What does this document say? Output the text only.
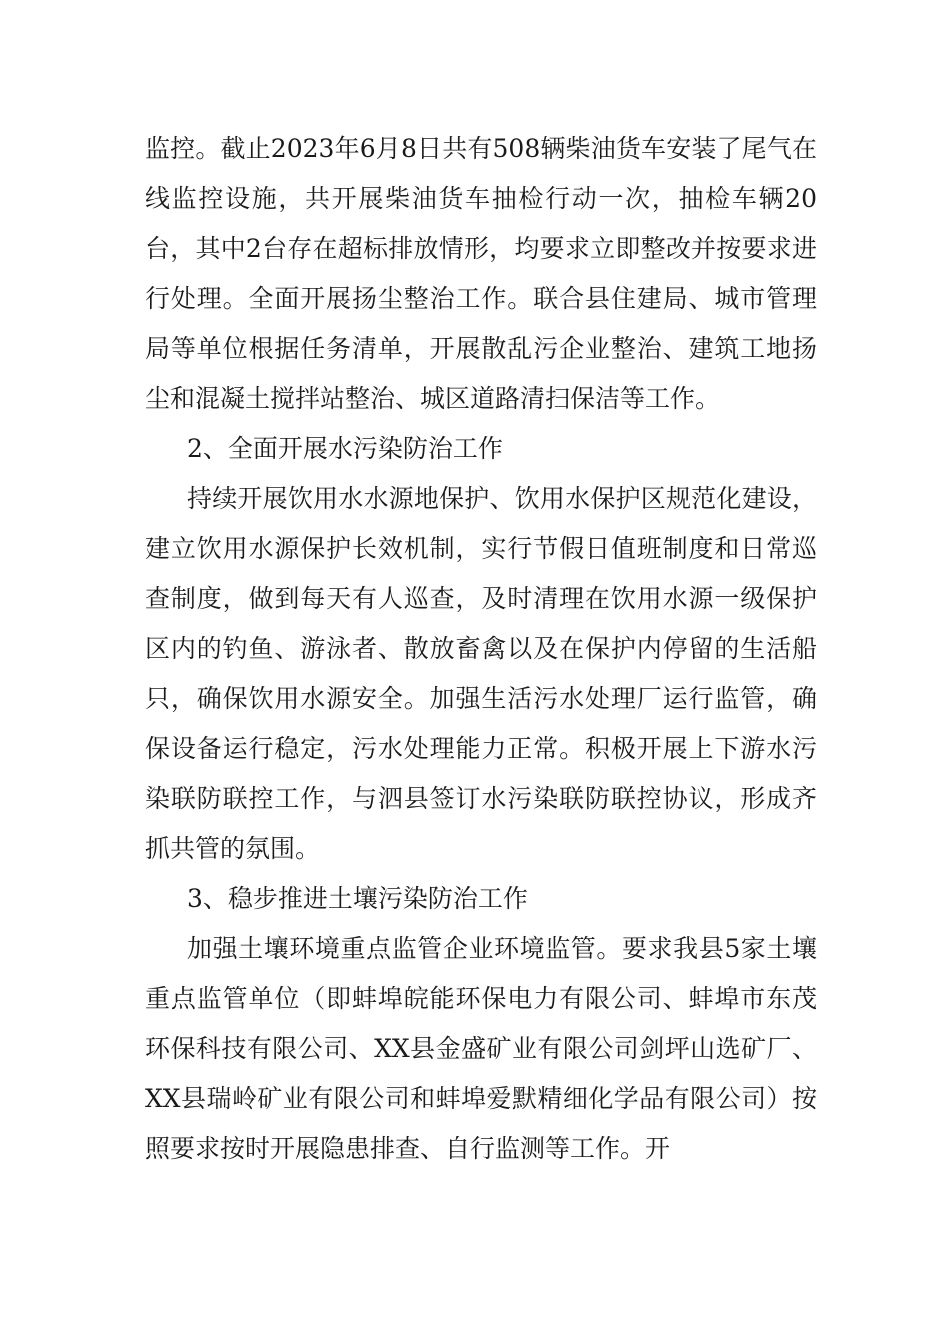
监控。截止2023年6月8日共有508辆柴油货车安装了尾气在线监控设施，共开展柴油货车抽检行动一次，抽检车辆20台，其中2台存在超标排放情形，均要求立即整改并按要求进行处理。全面开展扬尘整治工作。联合县住建局、城市管理局等单位根据任务清单，开展散乱污企业整治、建筑工地扬尘和混凝土搅拌站整治、城区道路清扫保洁等工作。

2、全面开展水污染防治工作

持续开展饮用水水源地保护、饮用水保护区规范化建设，建立饮用水源保护长效机制，实行节假日值班制度和日常巡查制度，做到每天有人巡查，及时清理在饮用水源一级保护区内的钓鱼、游泳者、散放畜禽以及在保护内停留的生活船只，确保饮用水源安全。加强生活污水处理厂运行监管，确保设备运行稳定，污水处理能力正常。积极开展上下游水污染联防联控工作，与泗县签订水污染联防联控协议，形成齐抓共管的氛围。

3、稳步推进土壤污染防治工作

加强土壤环境重点监管企业环境监管。要求我县5家土壤重点监管单位（即蚌埠皖能环保电力有限公司、蚌埠市东茂环保科技有限公司、XX县金盛矿业有限公司剑坪山选矿厂、XX县瑞岭矿业有限公司和蚌埠爱默精细化学品有限公司）按照要求按时开展隐患排查、自行监测等工作。开
